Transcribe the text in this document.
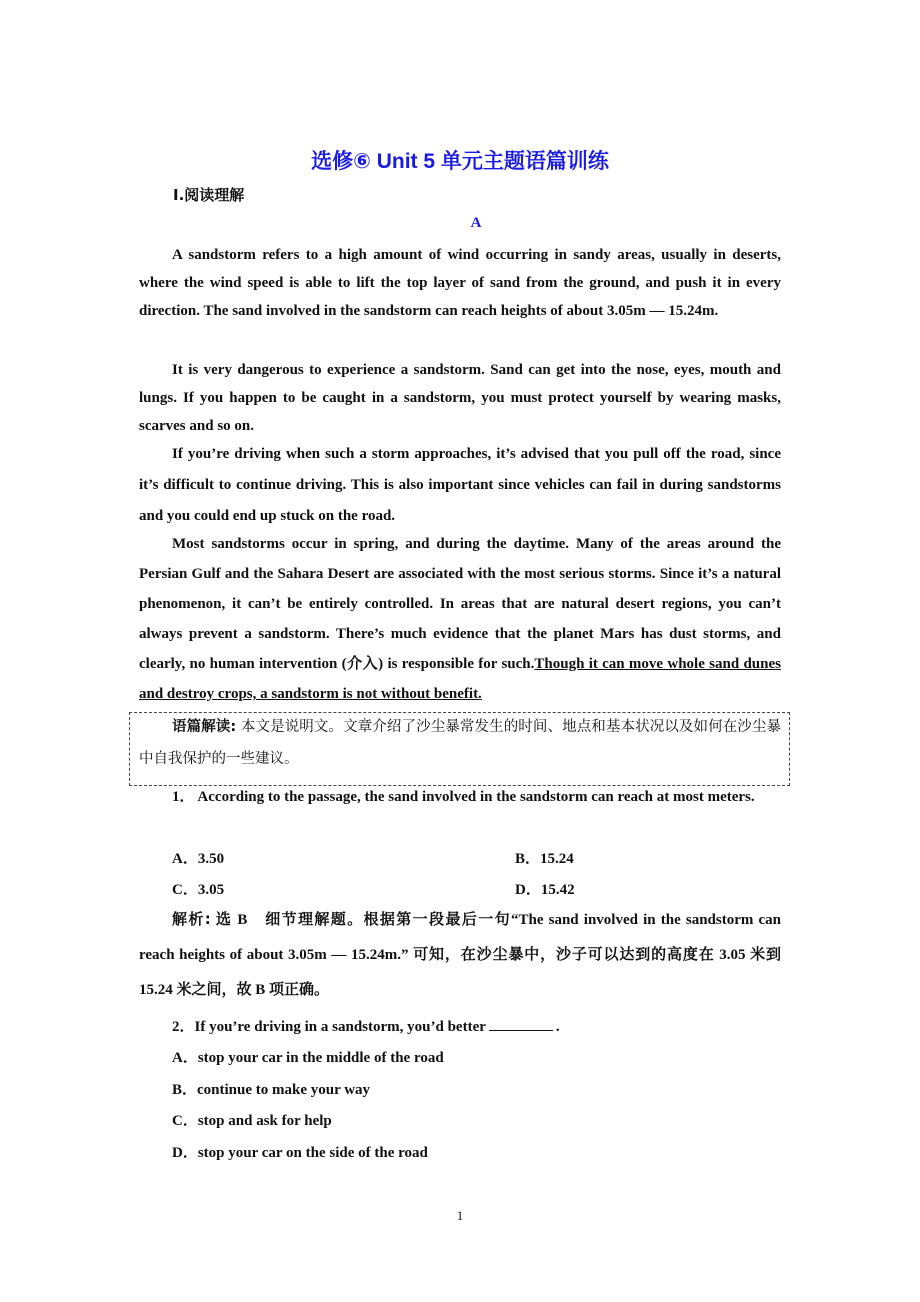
选修⑥ Unit 5 单元主题语篇训练
Ⅰ.阅读理解
A

A sandstorm refers to a high amount of wind occurring in sandy areas, usually in deserts, where the wind speed is able to lift the top layer of sand from the ground, and push it in every direction. The sand involved in the sandstorm can reach heights of about 3.05m — 15.24m.

It is very dangerous to experience a sandstorm. Sand can get into the nose, eyes, mouth and lungs. If you happen to be caught in a sandstorm, you must protect yourself by wearing masks, scarves and so on.

If you’re driving when such a storm approaches, it’s advised that you pull off the road, since it’s difficult to continue driving. This is also important since vehicles can fail in during sandstorms and you could end up stuck on the road.

Most sandstorms occur in spring, and during the daytime. Many of the areas around the Persian Gulf and the Sahara Desert are associated with the most serious storms. Since it’s a natural phenomenon, it can’t be entirely controlled. In areas that are natural desert regions, you can’t always prevent a sandstorm. There’s much evidence that the planet Mars has dust storms, and clearly, no human intervention (介入) is responsible for such.Though it can move whole sand dunes and destroy crops, a sandstorm is not without benefit.

语篇解读: 本文是说明文。文章介绍了沙尘暴常发生的时间、地点和基本状况以及如何在沙尘暴中自我保护的一些建议。

1． According to the passage, the sand involved in the sandstorm can reach at most meters.

A．3.50	B．15.24
C．3.05	D．15.42

解析: 选 B　细节理解题。根据第一段最后一句“The sand involved in the sandstorm can reach heights of about 3.05m — 15.24m.” 可知，在沙尘暴中，沙子可以达到的高度在 3.05 米到 15.24 米之间，故 B 项正确。

2．If you’re driving in a sandstorm, you’d better	.
A．stop your car in the middle of the road
B．continue to make your way
C．stop and ask for help
D．stop your car on the side of the road
1
